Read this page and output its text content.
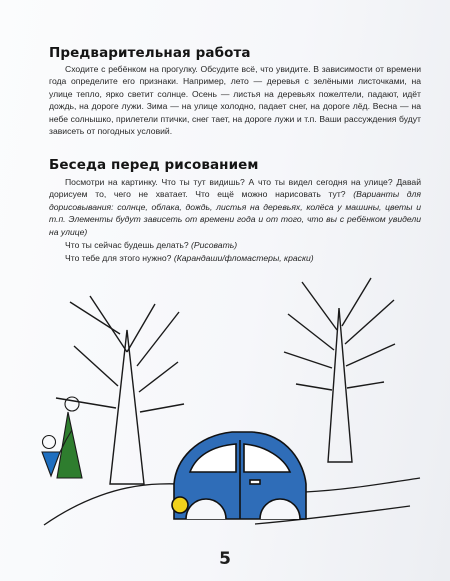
Предварительная работа

Сходите с ребёнком на прогулку. Обсудите всё, что увидите. В зависимости от времени года определите его признаки. Например, лето — деревья с зелёными листочками, на улице тепло, ярко светит солнце. Осень — листья на деревьях пожелтели, падают, идёт дождь, на дороге лужи. Зима — на улице холодно, падает снег, на дороге лёд. Весна — на небе солнышко, прилетели птички, снег тает, на дороге лужи и т.п. Ваши рассуждения будут зависеть от погодных условий.

Беседа перед рисованием

Посмотри на картинку. Что ты тут видишь? А что ты видел сегодня на улице? Давай дорисуем то, чего не хватает. Что ещё можно нарисовать тут? (Варианты для дорисовывания: солнце, облака, дождь, листья на деревьях, колёса у машины, цветы и т.п. Элементы будут зависеть от времени года и от того, что вы с ребёнком увидели на улице)

Что ты сейчас будешь делать? (Рисовать)

Что тебе для этого нужно? (Карандаши/фломастеры, краски)

5
